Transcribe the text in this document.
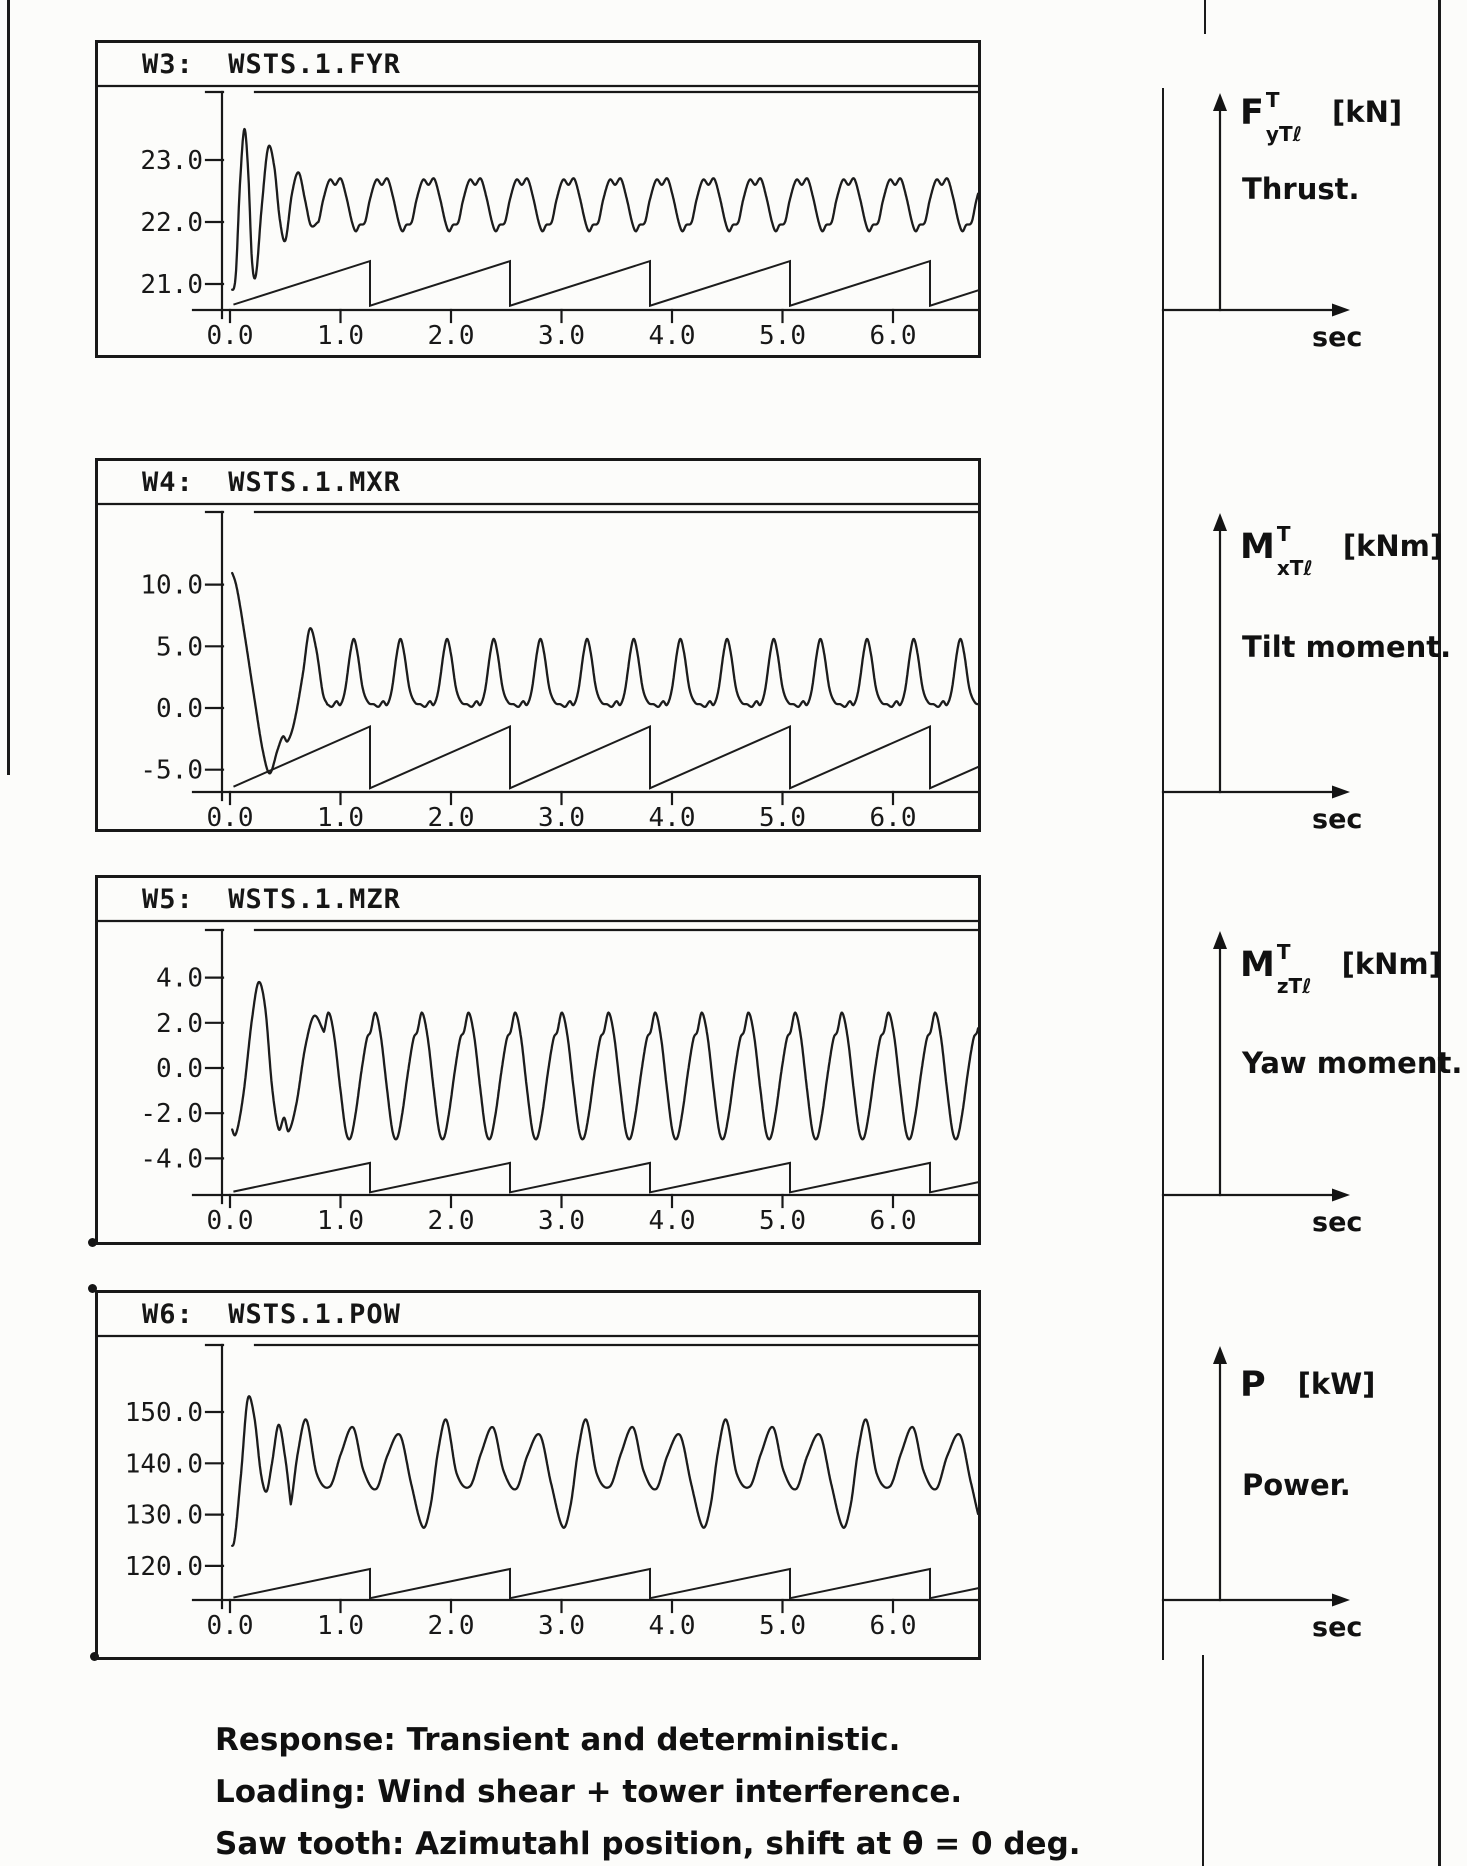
23.0
22.0
21.0
0.0 1.0 2.0 3.0 4.0 5.0 6.0
10.0
5.0
0.0
-5.0
0.0 1.0 2.0 3.0 4.0 5.0 6.0
4.0
2.0
0.0
-2.0
-4.0
0.0 1.0 2.0 3.0 4.0 5.0 6.0
150.0
140.0
130.0
120.0
0.0 1.0 2.0 3.0 4.0 5.0 6.0
W3:  WSTS.1.FYR
W4:  WSTS.1.MXR
W5:  WSTS.1.MZR
W6:  WSTS.1.POW
F T
yTℓ
[kN]
Thrust.
sec
M T
xTℓ
[kNm]
Tilt moment.
sec
M T
zTℓ
[kNm]
Yaw moment.
sec
P [kW]
Power.
sec
Response: Transient and deterministic.
Loading: Wind shear + tower interference.
Saw tooth: Azimutahl position, shift at θ = 0 deg.
